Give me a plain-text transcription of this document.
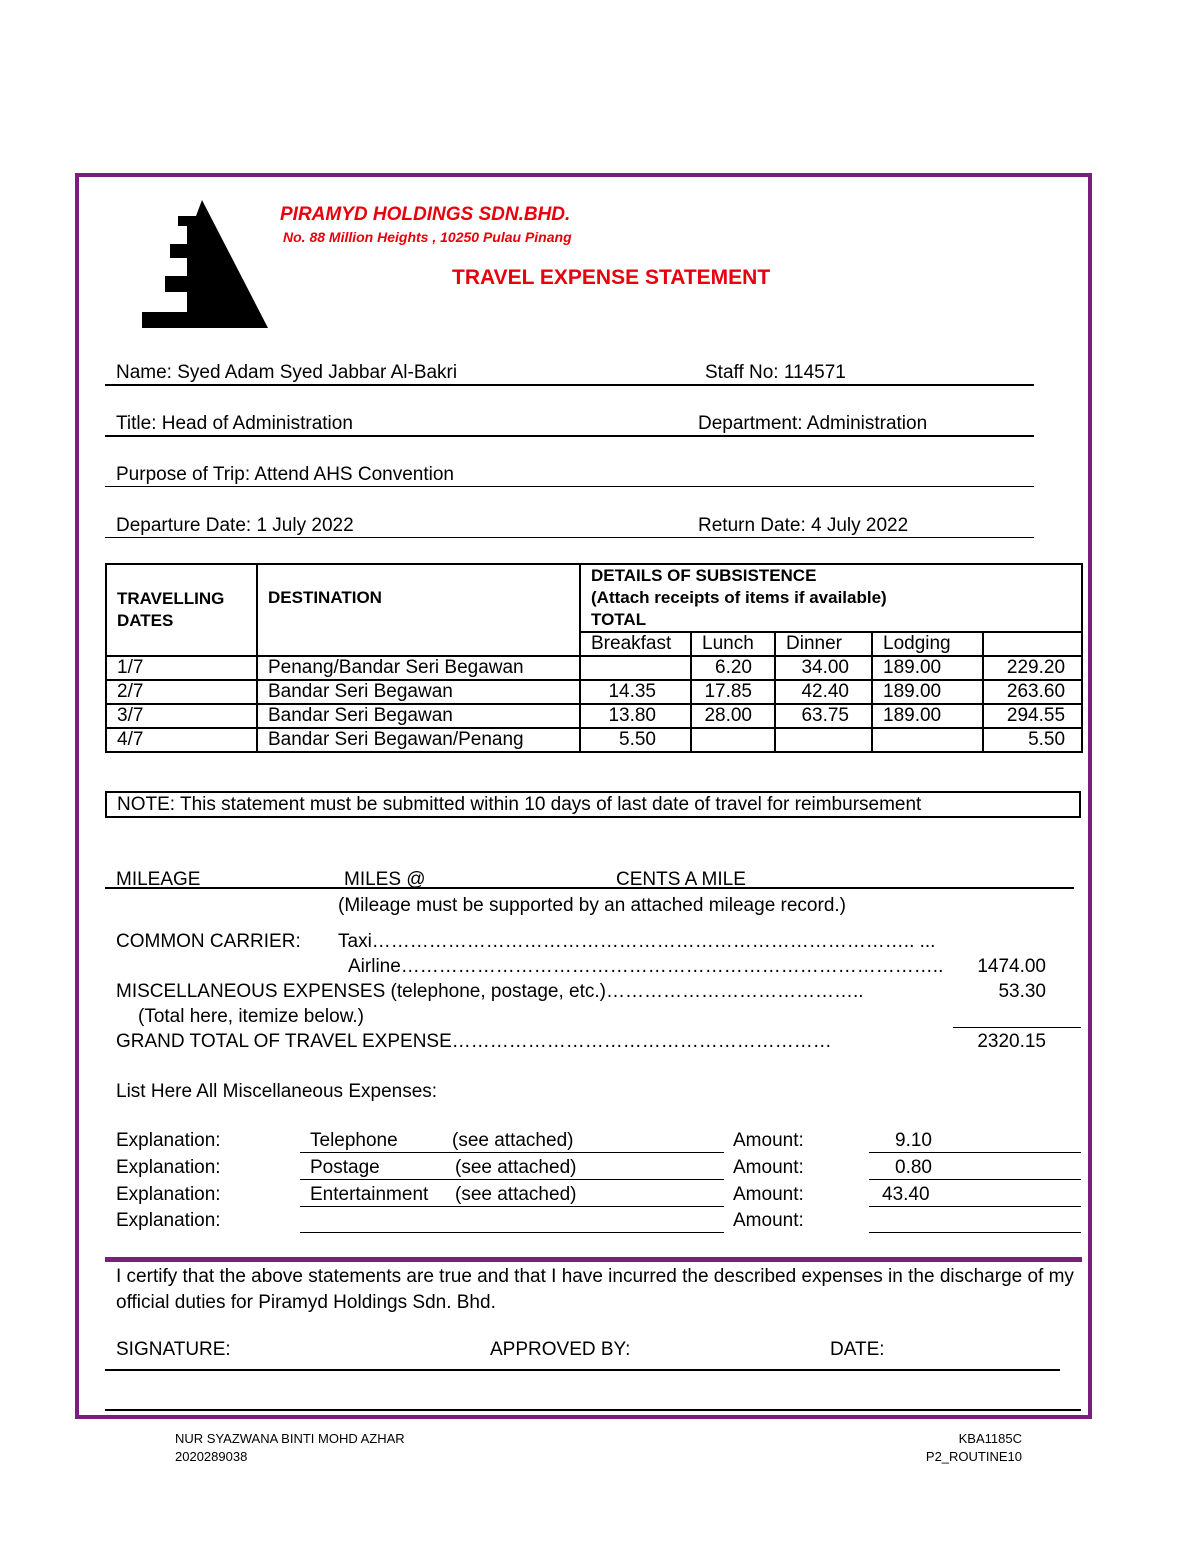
PIRAMYD HOLDINGS SDN.BHD.
No. 88 Million Heights , 10250 Pulau Pinang
TRAVEL EXPENSE STATEMENT
Name: Syed Adam Syed Jabbar Al-Bakri	Staff No: 114571
Title: Head of Administration	Department: Administration
Purpose of Trip: Attend AHS Convention
Departure Date: 1 July 2022	Return Date: 4 July 2022
TRAVELLING DATES	DESTINATION	DETAILS OF SUBSISTENCE
(Attach receipts of items if available)
TOTAL				

		Breakfast	Lunch	Dinner	Lodging	
1/7	Penang/Bandar Seri Begawan		6.20	34.00	189.00	229.20
2/7	Bandar Seri Begawan	14.35	17.85	42.40	189.00	263.60
3/7	Bandar Seri Begawan	13.80	28.00	63.75	189.00	294.55
4/7	Bandar Seri Begawan/Penang	5.50				5.50
NOTE: This statement must be submitted within 10 days of last date of travel for reimbursement
MILEAGE	MILES @	CENTS A MILE
(Mileage must be supported by an attached mileage record.)
COMMON CARRIER: Taxi………………………………………………………………………….. ...
Airline…………………………………………………………………………..	1474.00
MISCELLANEOUS EXPENSES (telephone, postage, etc.)…………………………………..	53.30
(Total here, itemize below.)
GRAND TOTAL OF TRAVEL EXPENSE……………………………………………………	2320.15
List Here All Miscellaneous Expenses:
Explanation:	Telephone	(see attached)	Amount:	9.10
Explanation:	Postage	(see attached)	Amount:	0.80
Explanation:	Entertainment (see attached)	Amount:	43.40
Explanation:	Amount:
I certify that the above statements are true and that I have incurred the described expenses in the discharge of my official duties for Piramyd Holdings Sdn. Bhd.
SIGNATURE:	APPROVED BY:	DATE:
NUR SYAZWANA BINTI MOHD AZHAR
2020289038
KBA1185C
P2_ROUTINE10
